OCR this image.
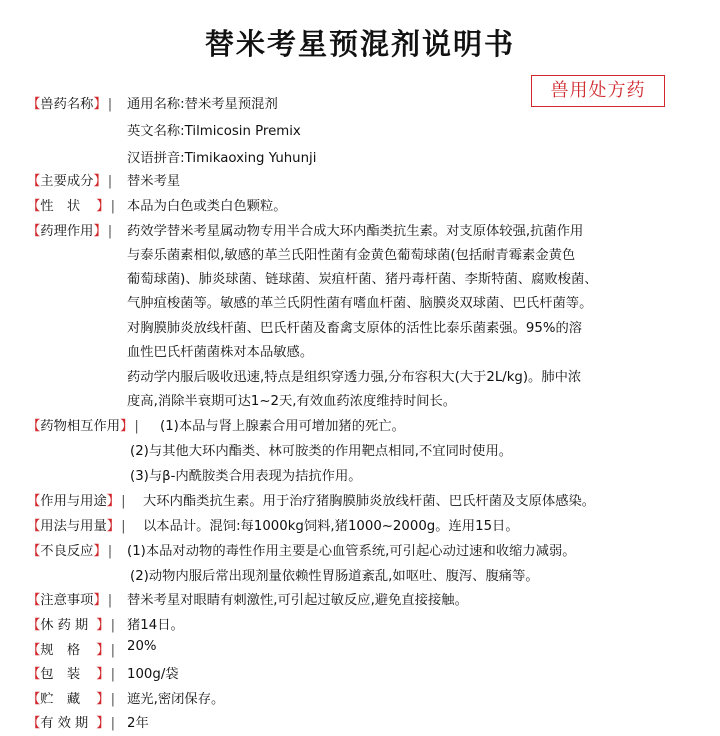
替米考星预混剂说明书
兽用处方药
【兽药名称】| 通用名称:替米考星预混剂
英文名称:Tilmicosin Premix
汉语拼音:Timikaoxing Yuhunji
【主要成分】| 替米考星
【性　状 】| 本品为白色或类白色颗粒。
【药理作用】| 药效学替米考星属动物专用半合成大环内酯类抗生素。对支原体较强,抗菌作用
与泰乐菌素相似,敏感的革兰氏阳性菌有金黄色葡萄球菌(包括耐青霉素金黄色
葡萄球菌)、肺炎球菌、链球菌、炭疽杆菌、猪丹毒杆菌、李斯特菌、腐败梭菌、
气肿疽梭菌等。敏感的革兰氏阴性菌有嗜血杆菌、脑膜炎双球菌、巴氏杆菌等。
对胸膜肺炎放线杆菌、巴氏杆菌及畜禽支原体的活性比泰乐菌素强。95%的溶
血性巴氏杆菌菌株对本品敏感。
药动学内服后吸收迅速,特点是组织穿透力强,分布容积大(大于2L/kg)。肺中浓
度高,消除半衰期可达1~2天,有效血药浓度维持时间长。
【药物相互作用】| (1)本品与肾上腺素合用可增加猪的死亡。
(2)与其他大环内酯类、林可胺类的作用靶点相同,不宜同时使用。
(3)与β-内酰胺类合用表现为拮抗作用。
【作用与用途】| 大环内酯类抗生素。用于治疗猪胸膜肺炎放线杆菌、巴氏杆菌及支原体感染。
【用法与用量】| 以本品计。混饲:每1000kg饲料,猪1000~2000g。连用15日。
【不良反应】| (1)本品对动物的毒性作用主要是心血管系统,可引起心动过速和收缩力减弱。
(2)动物内服后常出现剂量依赖性胃肠道紊乱,如呕吐、腹泻、腹痛等。
【注意事项】| 替米考星对眼睛有刺激性,可引起过敏反应,避免直接接触。
【休药期 】| 猪14日。
【规　格 】| 20%
【包　装 】| 100g/袋
【贮　藏 】| 遮光,密闭保存。
【有效期 】| 2年
